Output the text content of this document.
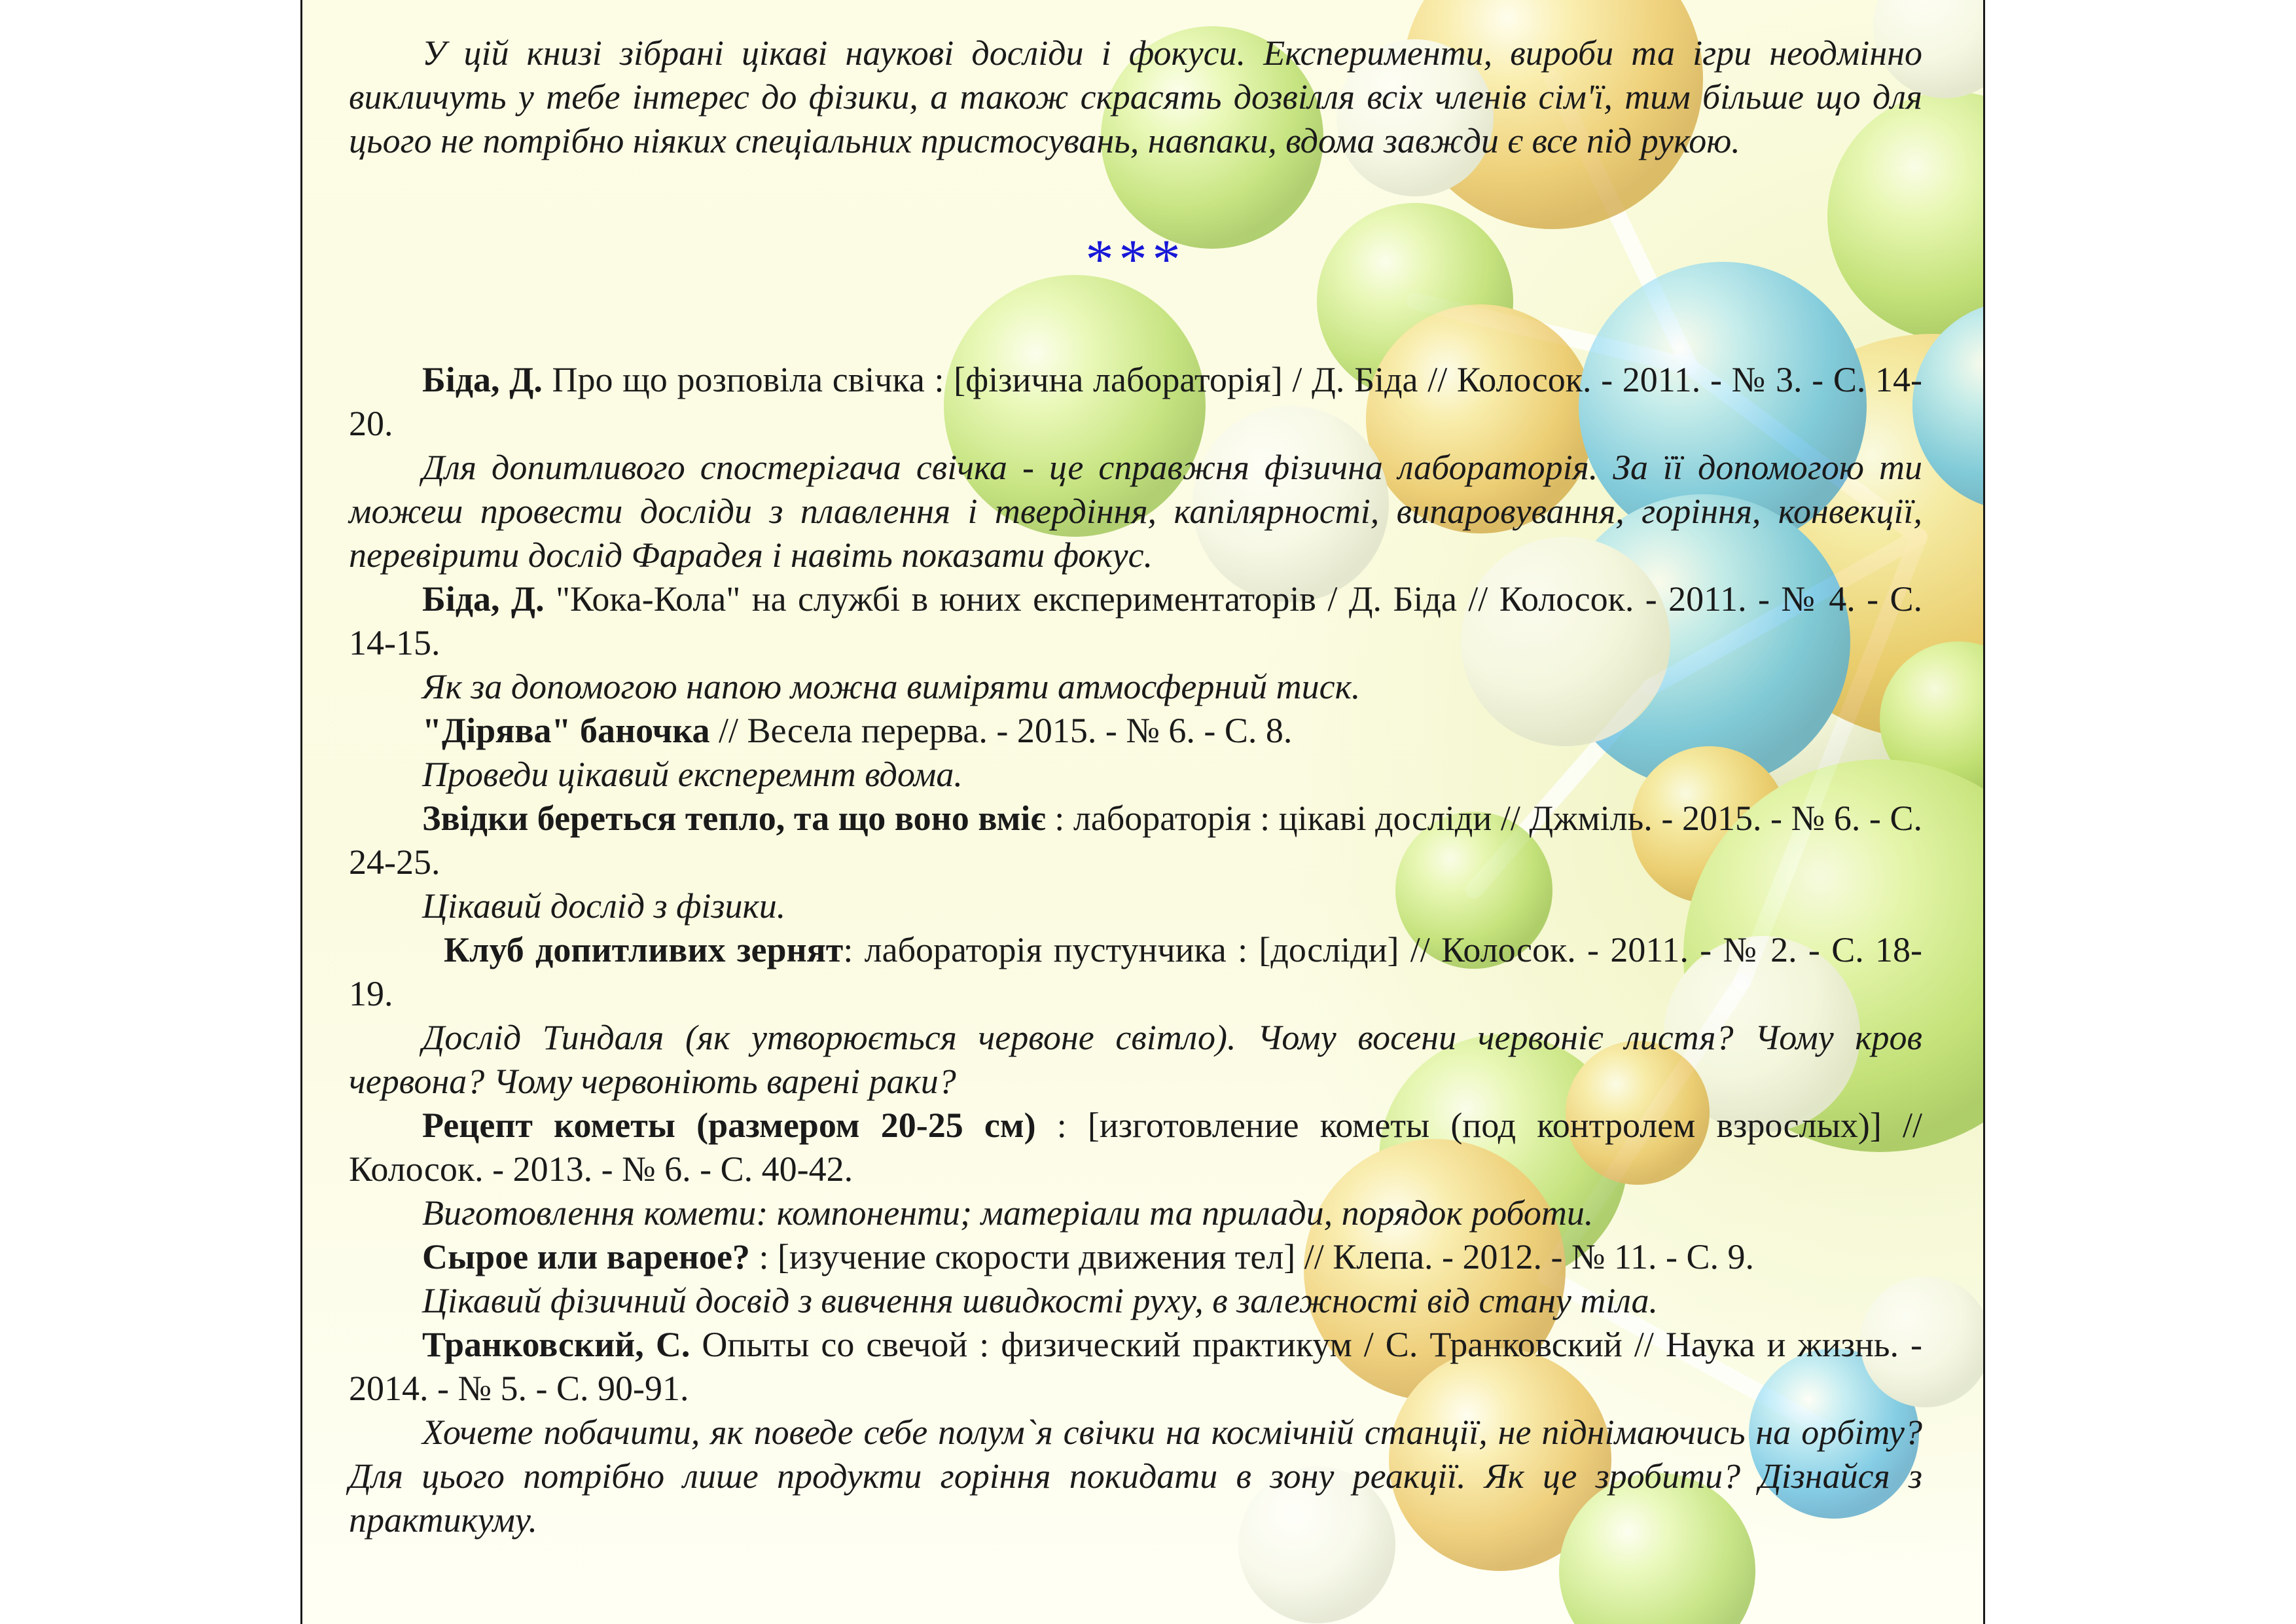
У цій книзі зібрані цікаві наукові досліди і фокуси. Експерименти, вироби та ігри неодмінно викличуть у тебе інтерес до фізики, а також скрасять дозвілля всіх членів сім'ї, тим більше що для цього не потрібно ніяких спеціальних пристосувань, навпаки, вдома завжди є все під рукою.

***

Біда, Д. Про що розповіла свічка : [фізична лабораторія] / Д. Біда // Колосок. - 2011. - № 3. - С. 14-20.

Для допитливого спостерігача свічка - це справжня фізична лабораторія. За її допомогою ти можеш провести досліди з плавлення і твердіння, капілярності, випаровування, горіння, конвекції, перевірити дослід Фарадея і навіть показати фокус.

Біда, Д. "Кока-Кола" на службі в юних експериментаторів / Д. Біда // Колосок. - 2011. - № 4. - С. 14-15.

Як за допомогою напою можна виміряти атмосферний тиск.

"Дірява" баночка // Весела перерва. - 2015. - № 6. - С. 8.

Проведи цікавий експеремнт вдома.

Звідки береться тепло, та що воно вміє : лабораторія : цікаві досліди // Джміль. - 2015. - № 6. - С. 24-25.

Цікавий дослід з фізики.

Клуб допитливих зернят: лабораторія пустунчика : [досліди] // Колосок. - 2011. - № 2. - С. 18-19.

Дослід Тиндаля (як утворюється червоне світло). Чому восени червоніє листя? Чому кров червона? Чому червоніють варені раки?

Рецепт кометы (размером 20-25 см) : [изготовление кометы (под контролем взрослых)] // Колосок. - 2013. - № 6. - С. 40-42.

Виготовлення комети: компоненти; матеріали та прилади, порядок роботи.

Сырое или вареное? : [изучение скорости движения тел] // Клепа. - 2012. - № 11. - С. 9.

Цікавий фізичний досвід з вивчення швидкості руху, в залежності від стану тіла.

Транковский, С. Опыты со свечой : физический практикум / С. Транковский // Наука и жизнь. - 2014. - № 5. - С. 90-91.

Хочете побачити, як поведе себе полум`я свічки на космічній станції, не піднімаючись на орбіту? Для цього потрібно лише продукти горіння покидати в зону реакції. Як це зробити? Дізнайся з практикуму.
